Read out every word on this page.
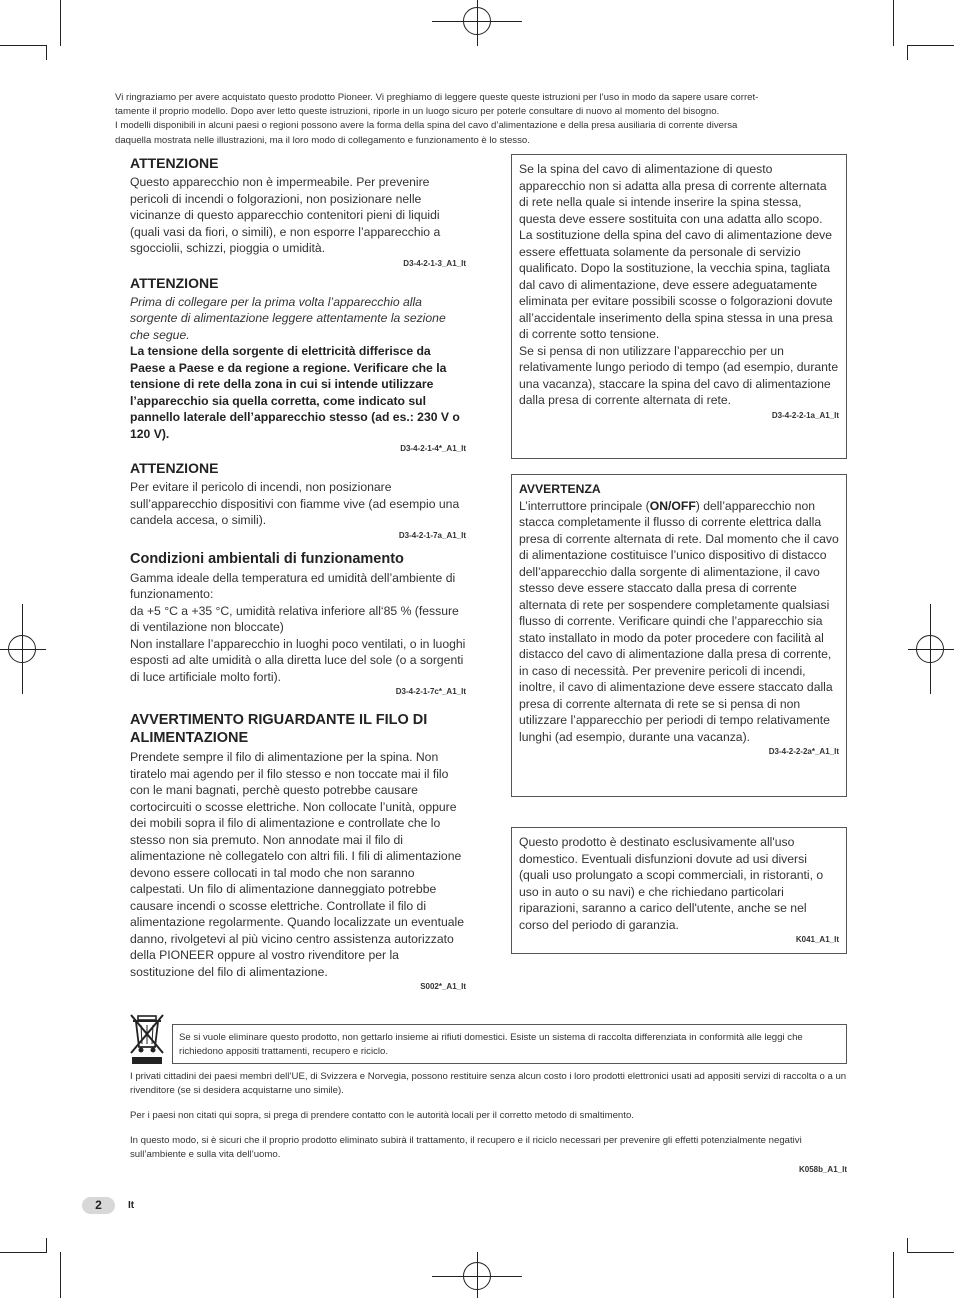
Vi ringraziamo per avere acquistato questo prodotto Pioneer. Vi preghiamo di leggere queste queste istruzioni per l’uso in modo da sapere usare corret-
tamente il proprio modello. Dopo aver letto queste istruzioni, riporle in un luogo sicuro per poterle consultare di nuovo al momento del bisogno.
I modelli disponibili in alcuni paesi o regioni possono avere la forma della spina del cavo d’alimentazione e della presa ausiliaria di corrente diversa
daquella mostrata nelle illustrazioni, ma il loro modo di collegamento e funzionamento è lo stesso.

ATTENZIONE

Questo apparecchio non è impermeabile. Per prevenire pericoli di incendi o folgorazioni, non posizionare nelle vicinanze di questo apparecchio contenitori pieni di liquidi (quali vasi da fiori, o simili), e non esporre l’apparecchio a sgocciolii, schizzi, pioggia o umidità.

D3-4-2-1-3_A1_It

ATTENZIONE

Prima di collegare per la prima volta l’apparecchio alla sorgente di alimentazione leggere attentamente la sezione che segue.

La tensione della sorgente di elettricità differisce da Paese a Paese e da regione a regione. Verificare che la tensione di rete della zona in cui si intende utilizzare l’apparecchio sia quella corretta, come indicato sul pannello laterale dell’apparecchio stesso (ad es.: 230 V o 120 V).

D3-4-2-1-4*_A1_It

ATTENZIONE

Per evitare il pericolo di incendi, non posizionare sull’apparecchio dispositivi con fiamme vive (ad esempio una candela accesa, o simili).

D3-4-2-1-7a_A1_It

Condizioni ambientali di funzionamento

Gamma ideale della temperatura ed umidità dell’ambiente di funzionamento:

da +5 °C a +35 °C, umidità relativa inferiore all‘85 % (fessure di ventilazione non bloccate)

Non installare l’apparecchio in luoghi poco ventilati, o in luoghi esposti ad alte umidità o alla diretta luce del sole (o a sorgenti di luce artificiale molto forti).

D3-4-2-1-7c*_A1_It

AVVERTIMENTO RIGUARDANTE IL FILO DI ALIMENTAZIONE

Prendete sempre il filo di alimentazione per la spina. Non tiratelo mai agendo per il filo stesso e non toccate mai il filo con le mani bagnati, perchè questo potrebbe causare cortocircuiti o scosse elettriche. Non collocate l’unità, oppure dei mobili sopra il filo di alimentazione e controllate che lo stesso non sia premuto. Non annodate mai il filo di alimentazione nè collegatelo con altri fili. I fili di alimentazione devono essere collocati in tal modo che non saranno calpestati. Un filo di alimentazione danneggiato potrebbe causare incendi o scosse elettriche. Controllate il filo di alimentazione regolarmente. Quando localizzate un eventuale danno, rivolgetevi al più vicino centro assistenza autorizzato della PIONEER oppure al vostro rivenditore per la sostituzione del filo di alimentazione.

S002*_A1_It

Se la spina del cavo di alimentazione di questo apparecchio non si adatta alla presa di corrente alternata di rete nella quale si intende inserire la spina stessa, questa deve essere sostituita con una adatta allo scopo. La sostituzione della spina del cavo di alimentazione deve essere effettuata solamente da personale di servizio qualificato. Dopo la sostituzione, la vecchia spina, tagliata dal cavo di alimentazione, deve essere adeguatamente eliminata per evitare possibili scosse o folgorazioni dovute all’accidentale inserimento della spina stessa in una presa di corrente sotto tensione.

Se si pensa di non utilizzare l’apparecchio per un relativamente lungo periodo di tempo (ad esempio, durante una vacanza), staccare la spina del cavo di alimentazione dalla presa di corrente alternata di rete.

D3-4-2-2-1a_A1_It

AVVERTENZA

L’interruttore principale (ON/OFF) dell’apparecchio non stacca completamente il flusso di corrente elettrica dalla presa di corrente alternata di rete. Dal momento che il cavo di alimentazione costituisce l’unico dispositivo di distacco dell’apparecchio dalla sorgente di alimentazione, il cavo stesso deve essere staccato dalla presa di corrente alternata di rete per sospendere completamente qualsiasi flusso di corrente. Verificare quindi che l’apparecchio sia stato installato in modo da poter procedere con facilità al distacco del cavo di alimentazione dalla presa di corrente, in caso di necessità. Per prevenire pericoli di incendi, inoltre, il cavo di alimentazione deve essere staccato dalla presa di corrente alternata di rete se si pensa di non utilizzare l’apparecchio per periodi di tempo relativamente lunghi (ad esempio, durante una vacanza).

D3-4-2-2-2a*_A1_It

Questo prodotto è destinato esclusivamente all'uso domestico. Eventuali disfunzioni dovute ad usi diversi (quali uso prolungato a scopi commerciali, in ristoranti, o uso in auto o su navi) e che richiedano particolari riparazioni, saranno a carico dell'utente, anche se nel corso del periodo di garanzia.

K041_A1_It

Se si vuole eliminare questo prodotto, non gettarlo insieme ai rifiuti domestici. Esiste un sistema di raccolta differenziata in conformità alle leggi che richiedono appositi trattamenti, recupero e riciclo.

I privati cittadini dei paesi membri dell’UE, di Svizzera e Norvegia, possono restituire senza alcun costo i loro prodotti elettronici usati ad appositi servizi di raccolta o a un rivenditore (se si desidera acquistarne uno simile).

Per i paesi non citati qui sopra, si prega di prendere contatto con le autorità locali per il corretto metodo di smaltimento.

In questo modo, si è sicuri che il proprio prodotto eliminato subirà il trattamento, il recupero e il riciclo necessari per prevenire gli effetti potenzialmente negativi sull’ambiente e sulla vita dell’uomo.

K058b_A1_It

2	It
